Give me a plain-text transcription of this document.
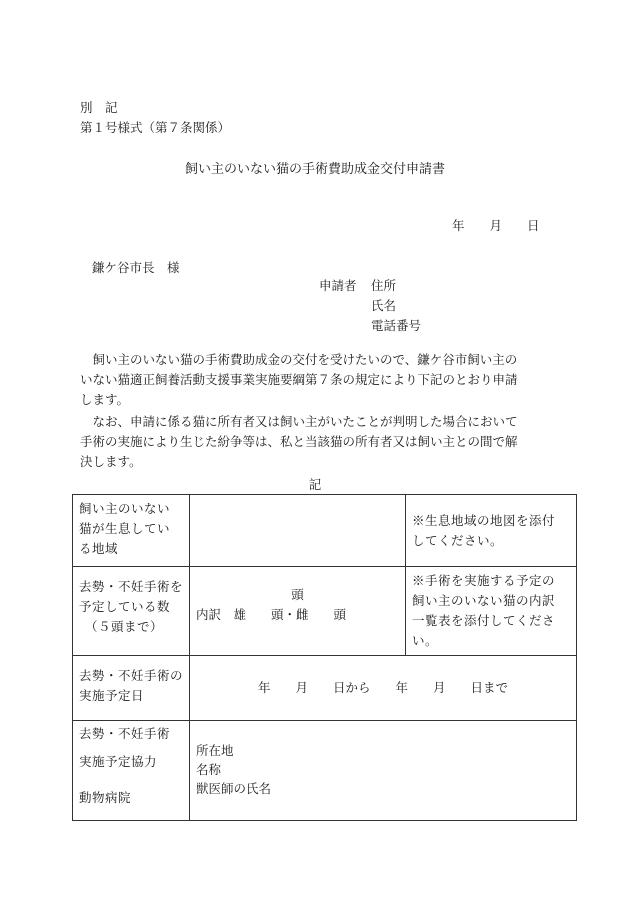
別　記
第１号様式（第７条関係）
飼い主のいない猫の手術費助成金交付申請書
年　　月　　日
鎌ケ谷市長　様
申請者 住所
氏名
電話番号
　飼い主のいない猫の手術費助成金の交付を受けたいので、鎌ケ谷市飼い主の
いない猫適正飼養活動支援事業実施要綱第７条の規定により下記のとおり申請
します。
　なお、申請に係る猫に所有者又は飼い主がいたことが判明した場合において
手術の実施により生じた紛争等は、私と当該猫の所有者又は飼い主との間で解
決します。
記
飼い主のいない
猫が生息してい
る地域		※生息地域の地図を添付
してください。

去勢・不妊手術を
予定している数
（５頭まで）	頭
内訳　雄　　頭・雌　　頭	※手術を実施する予定の
飼い主のいない猫の内訳
一覧表を添付してくださ
い。

去勢・不妊手術の
実施予定日	年　　月　　日から　　年　　月　　日まで	

去勢・不妊手術
実施予定協力
動物病院	所在地
名称
獣医師の氏名	
